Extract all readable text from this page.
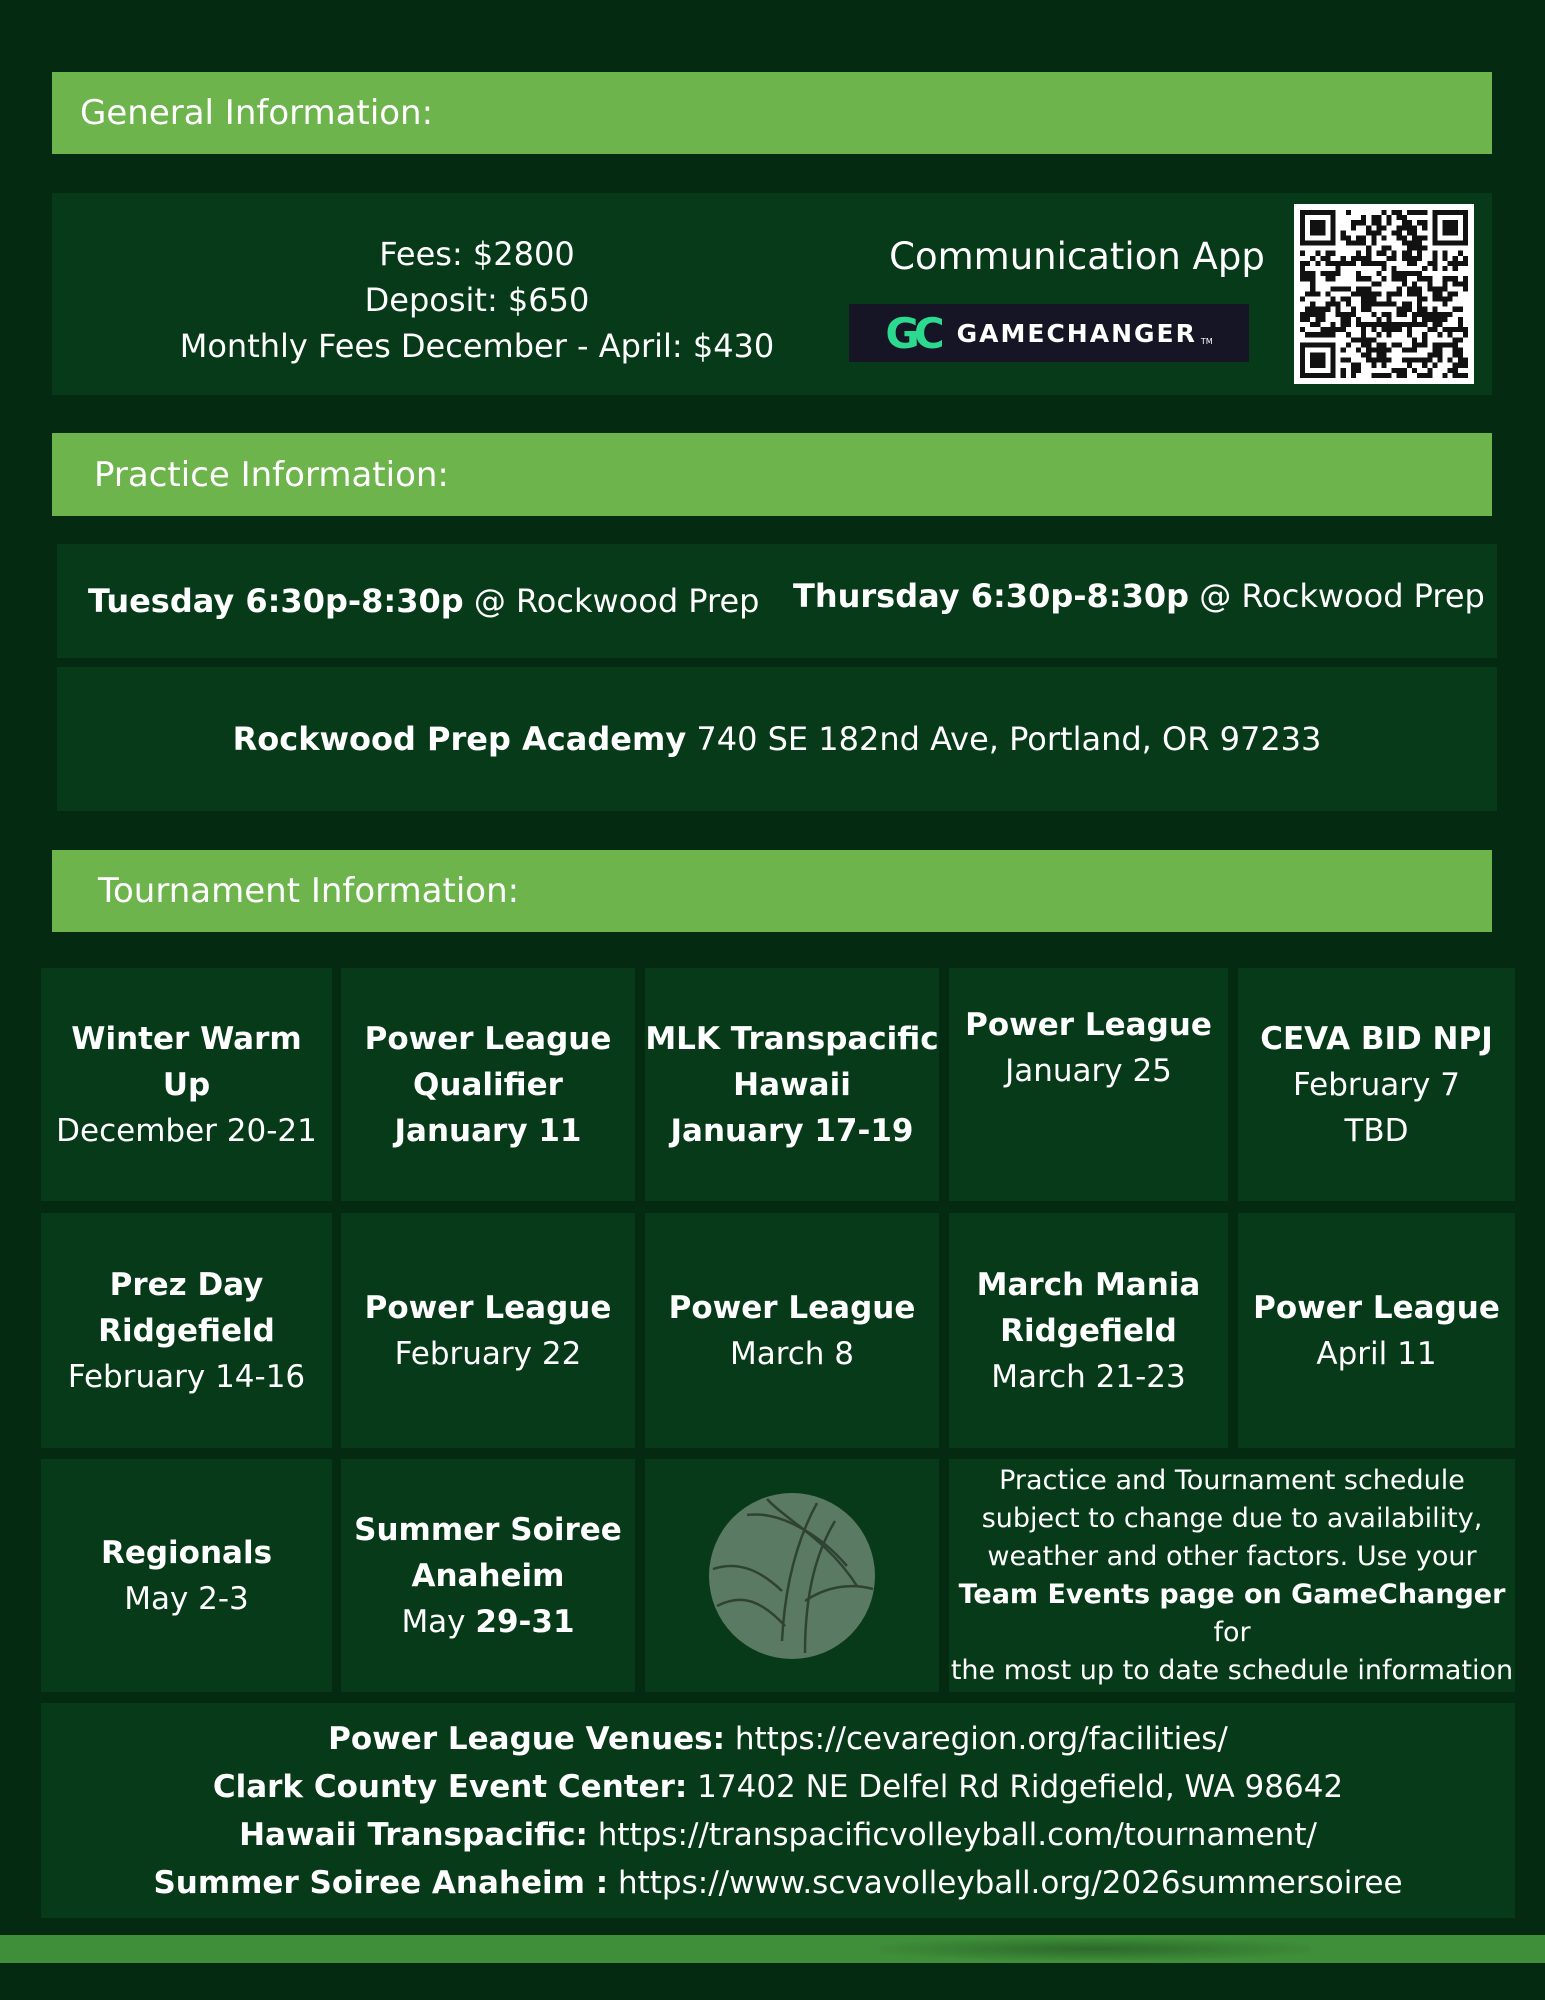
General Information:
Fees: $2800
Deposit: $650
Monthly Fees December - April: $430
Communication App
GC GAMECHANGER TM
Practice Information:
Tuesday 6:30p-8:30p @ Rockwood Prep Thursday 6:30p-8:30p @ Rockwood Prep
Rockwood Prep Academy 740 SE 182nd Ave, Portland, OR 97233
Tournament Information:
Winter Warm
Up
December 20-21
Power League
Qualifier
January 11
MLK Transpacific
Hawaii
January 17-19
Power League
January 25
CEVA BID NPJ
February 7
TBD
Prez Day
Ridgefield
February 14-16
Power League
February 22
Power League
March 8
March Mania
Ridgefield
March 21-23
Power League
April 11
Regionals
May 2-3
Summer Soiree
Anaheim
May 29-31
Practice and Tournament schedule
subject to change due to availability,
weather and other factors. Use your
Team Events page on GameChanger for
the most up to date schedule information
Power League Venues: https://cevaregion.org/facilities/
Clark County Event Center: 17402 NE Delfel Rd Ridgefield, WA 98642
Hawaii Transpacific: https://transpacificvolleyball.com/tournament/
Summer Soiree Anaheim : https://www.scvavolleyball.org/2026summersoiree
